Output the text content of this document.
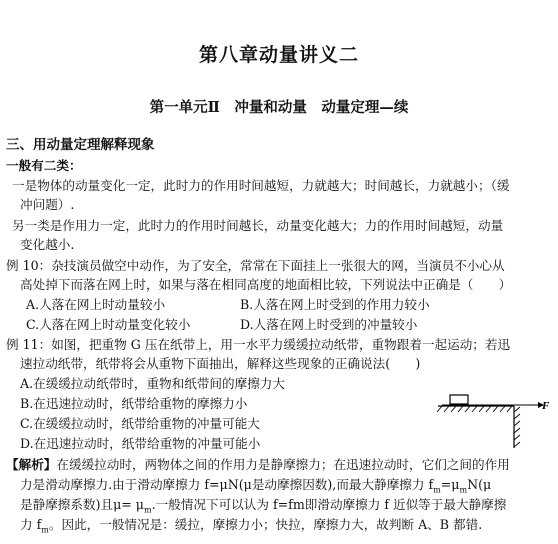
第八章动量讲义二
第一单元Ⅱ　冲量和动量　动量定理—续
三、用动量定理解释现象
一般有二类：
一是物体的动量变化一定，此时力的作用时间越短，力就越大；时间越长，力就越小；（缓
冲问题）.
另一类是作用力一定，此时力的作用时间越长，动量变化越大；力的作用时间越短，动量
变化越小.
例 10：杂技演员做空中动作，为了安全，常常在下面挂上一张很大的网，当演员不小心从
高处掉下而落在网上时，如果与落在相同高度的地面相比较，下列说法中正确是（　　）
A.人落在网上时动量较小	B.人落在网上时受到的作用力较小
C.人落在网上时动量变化较小	D.人落在网上时受到的冲量较小
例 11：如图，把重物 G 压在纸带上，用一水平力缓缓拉动纸带，重物跟着一起运动；若迅
速拉动纸带，纸带将会从重物下面抽出，解释这些现象的正确说法(　　)
A.在缓缓拉动纸带时，重物和纸带间的摩擦力大
B.在迅速拉动时，纸带给重物的摩擦力小
C.在缓缓拉动时，纸带给重物的冲量可能大
D.在迅速拉动时，纸带给重物的冲量可能小
F
【解析】在缓缓拉动时，两物体之间的作用力是静摩擦力；在迅速拉动时，它们之间的作用
力是滑动摩擦力.由于滑动摩擦力 f=μN(μ是动摩擦因数),而最大静摩擦力 $f_m=\mu_mN(\mu$
是静摩擦系数)且$\mu= \mu_m$.一般情况下可以认为 f=fm即滑动摩擦力 f 近似等于最大静摩擦
力 $f_m$。因此，一般情况是：缓拉，摩擦力小；快拉，摩擦力大，故判断 A、B 都错.
